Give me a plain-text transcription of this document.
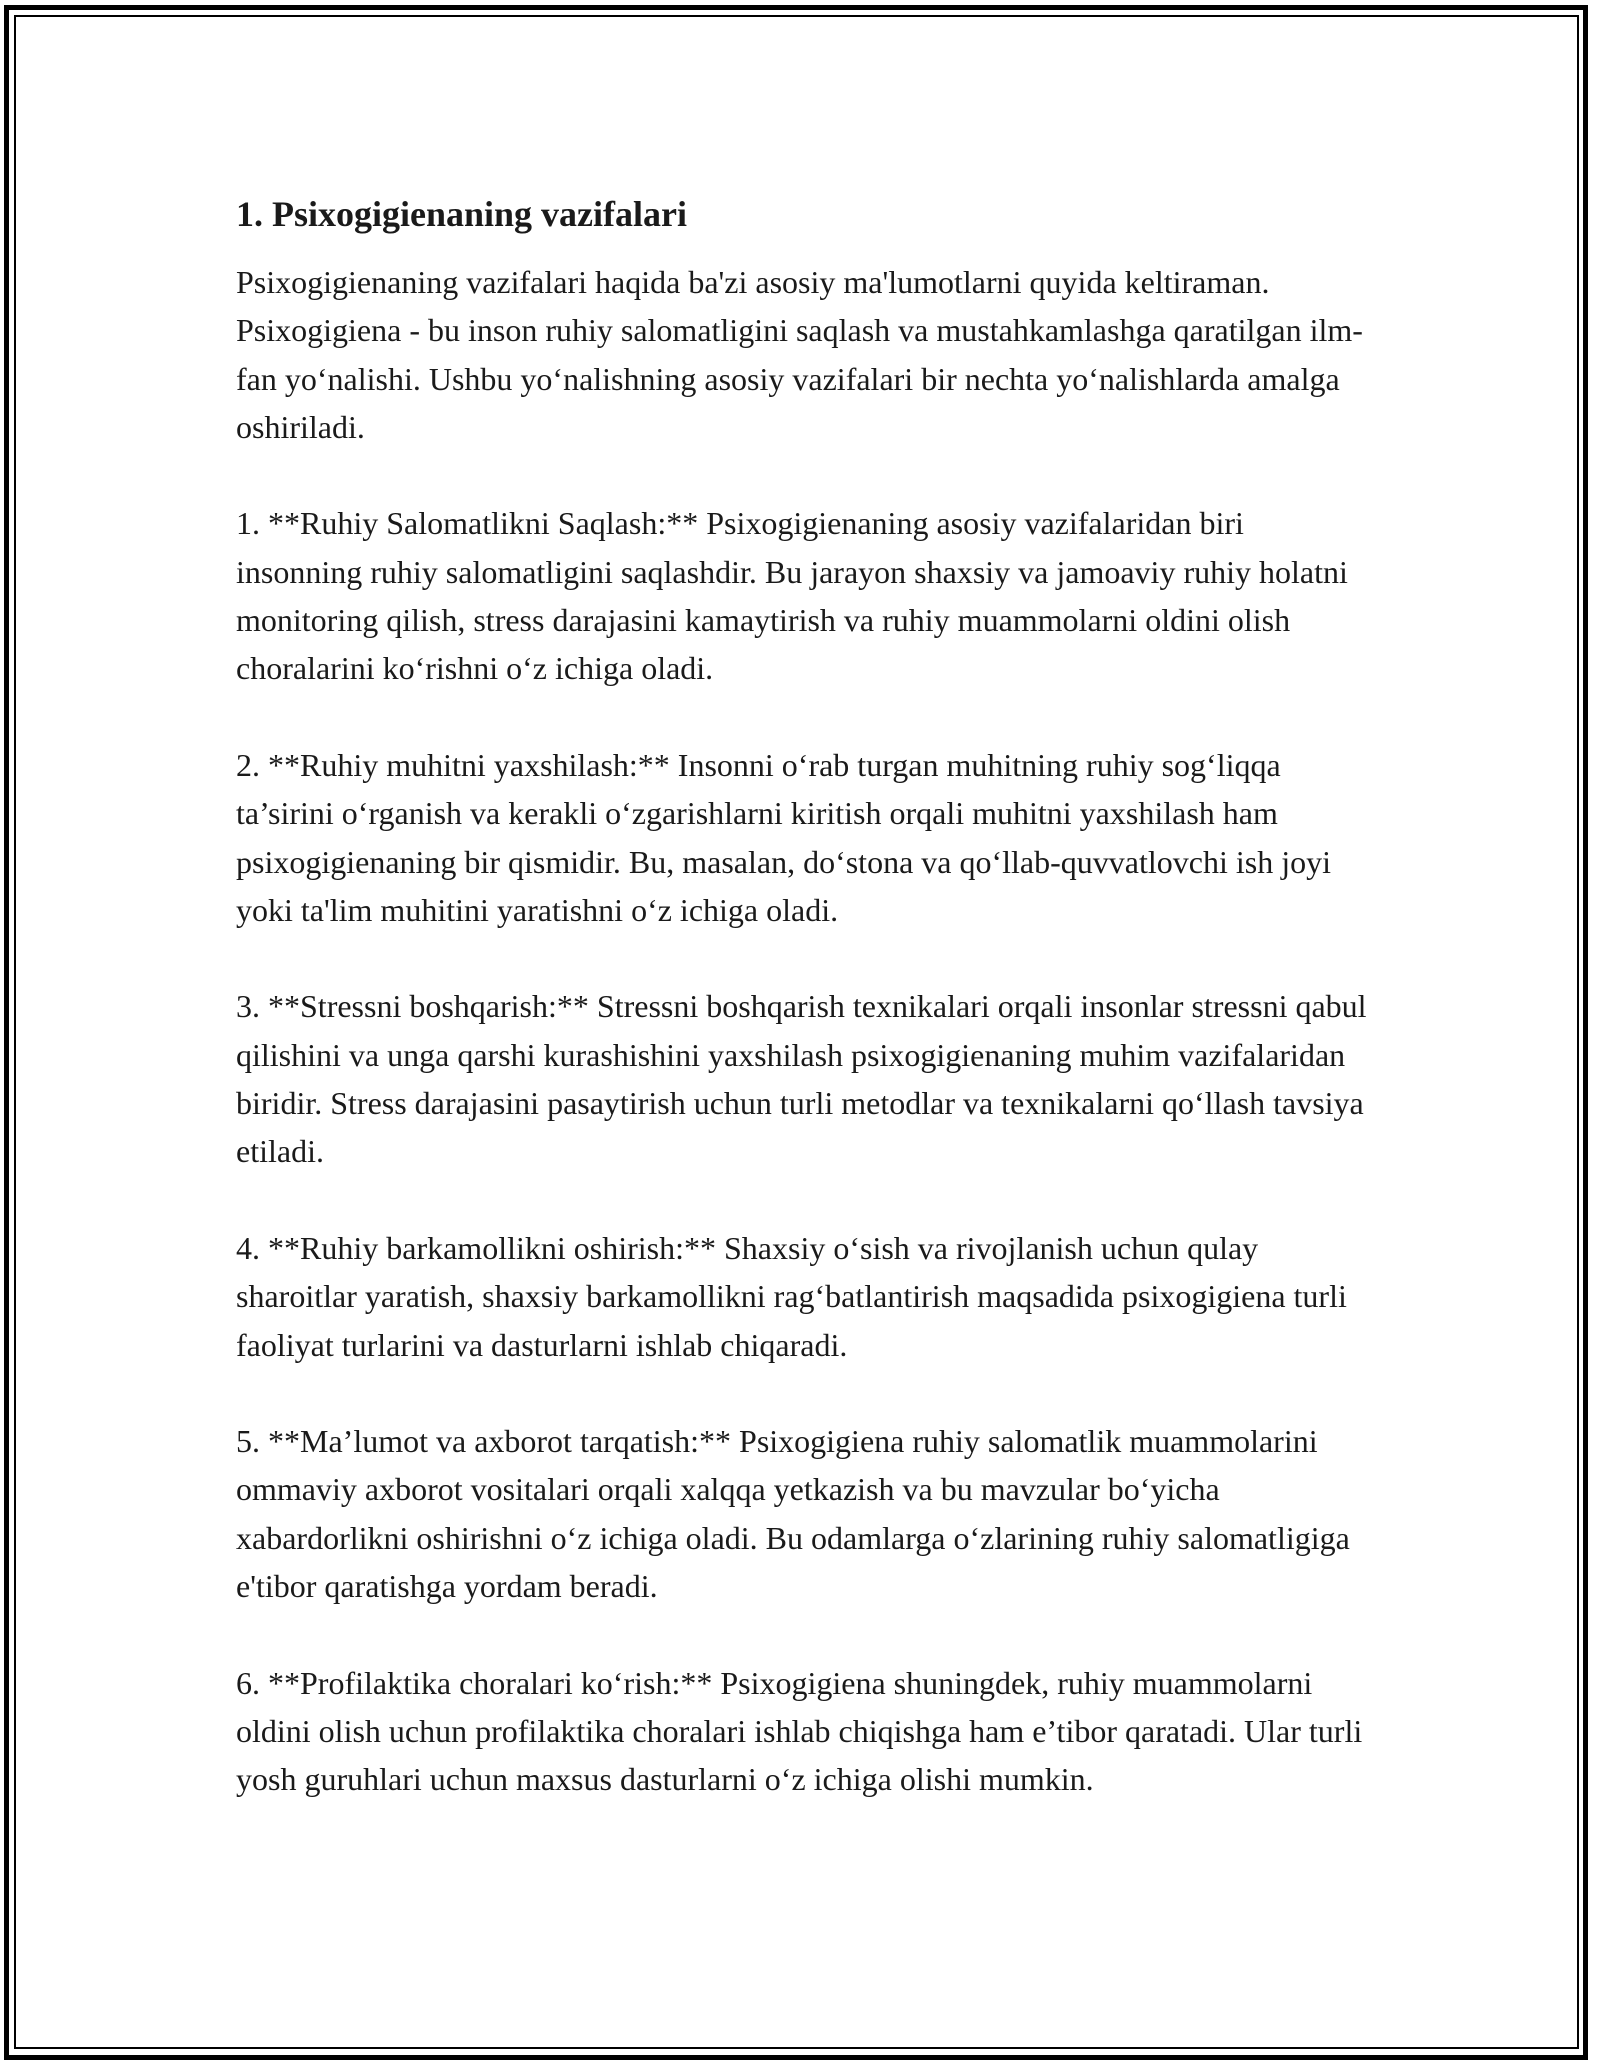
1. Psixogigienaning vazifalari

Psixogigienaning vazifalari haqida ba'zi asosiy ma'lumotlarni quyida keltiraman. Psixogigiena - bu inson ruhiy salomatligini saqlash va mustahkamlashga qaratilgan ilm-fan yo‘nalishi. Ushbu yo‘nalishning asosiy vazifalari bir nechta yo‘nalishlarda amalga oshiriladi.

1. **Ruhiy Salomatlikni Saqlash:** Psixogigienaning asosiy vazifalaridan biri insonning ruhiy salomatligini saqlashdir. Bu jarayon shaxsiy va jamoaviy ruhiy holatni monitoring qilish, stress darajasini kamaytirish va ruhiy muammolarni oldini olish choralarini ko‘rishni o‘z ichiga oladi.

2. **Ruhiy muhitni yaxshilash:** Insonni o‘rab turgan muhitning ruhiy sog‘liqqa ta’sirini o‘rganish va kerakli o‘zgarishlarni kiritish orqali muhitni yaxshilash ham psixogigienaning bir qismidir. Bu, masalan, do‘stona va qo‘llab-quvvatlovchi ish joyi yoki ta'lim muhitini yaratishni o‘z ichiga oladi.

3. **Stressni boshqarish:** Stressni boshqarish texnikalari orqali insonlar stressni qabul qilishini va unga qarshi kurashishini yaxshilash psixogigienaning muhim vazifalaridan biridir. Stress darajasini pasaytirish uchun turli metodlar va texnikalarni qo‘llash tavsiya etiladi.

4. **Ruhiy barkamollikni oshirish:** Shaxsiy o‘sish va rivojlanish uchun qulay sharoitlar yaratish, shaxsiy barkamollikni rag‘batlantirish maqsadida psixogigiena turli faoliyat turlarini va dasturlarni ishlab chiqaradi.

5. **Ma’lumot va axborot tarqatish:** Psixogigiena ruhiy salomatlik muammolarini ommaviy axborot vositalari orqali xalqqa yetkazish va bu mavzular bo‘yicha xabardorlikni oshirishni o‘z ichiga oladi. Bu odamlarga o‘zlarining ruhiy salomatligiga e'tibor qaratishga yordam beradi.

6. **Profilaktika choralari ko‘rish:** Psixogigiena shuningdek, ruhiy muammolarni oldini olish uchun profilaktika choralari ishlab chiqishga ham e’tibor qaratadi. Ular turli yosh guruhlari uchun maxsus dasturlarni o‘z ichiga olishi mumkin.
